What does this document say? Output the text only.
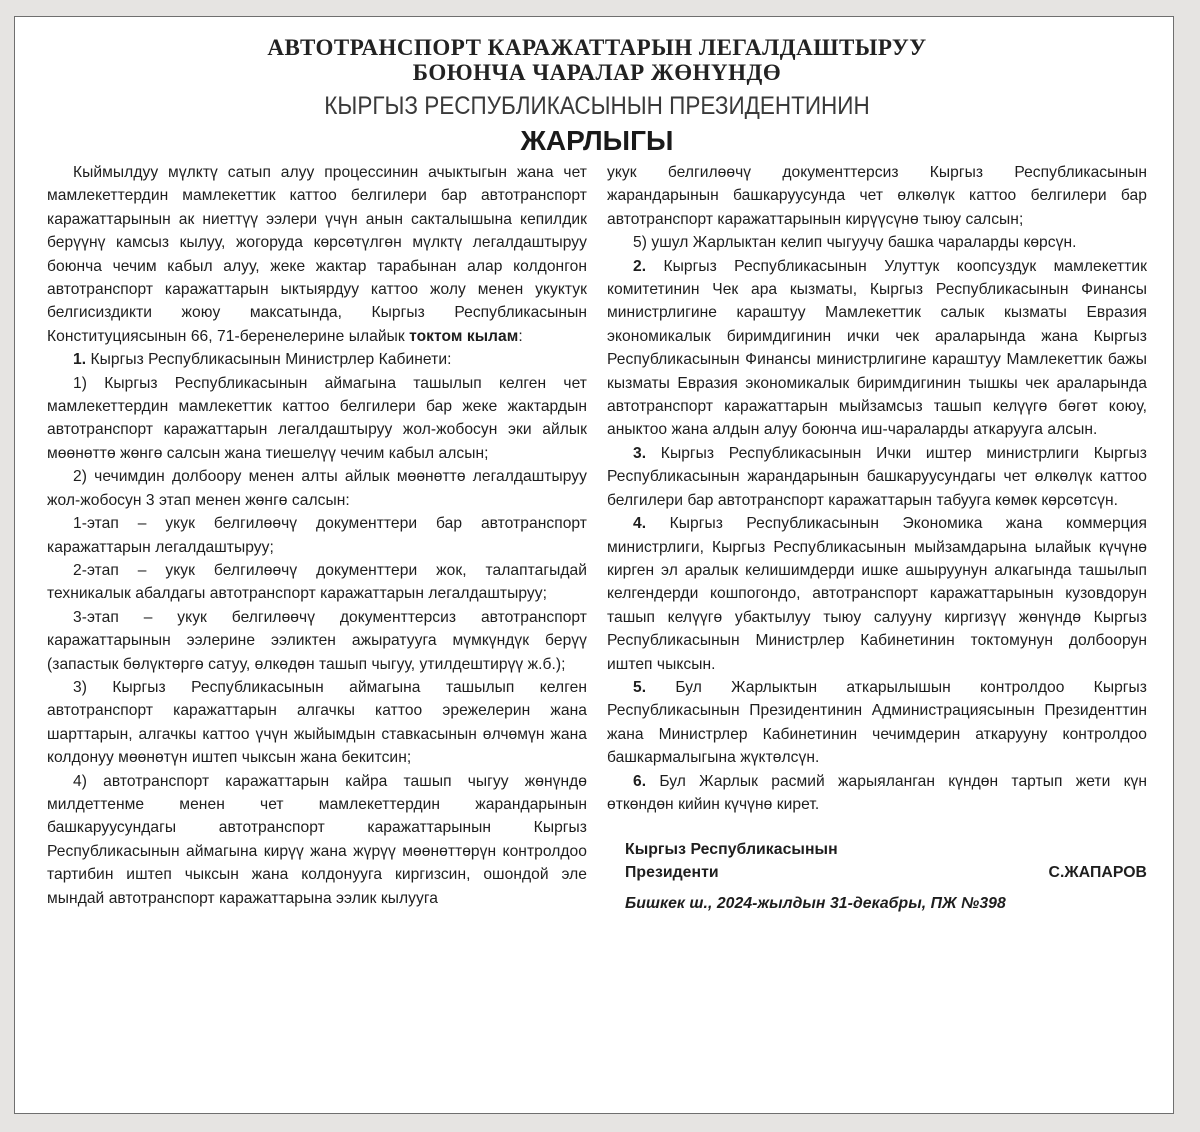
АВТОТРАНСПОРТ КАРАЖАТТАРЫН ЛЕГАЛДАШТЫРУУ
БОЮНЧА ЧАРАЛАР ЖӨНҮНДӨ
КЫРГЫЗ РЕСПУБЛИКАСЫНЫН ПРЕЗИДЕНТИНИН
ЖАРЛЫГЫ

Кыймылдуу мүлктү сатып алуу процессинин ачыктыгын жана чет мамлекеттердин мамлекеттик каттоо белгилери бар автотранспорт каражаттарынын ак ниеттүү ээлери үчүн анын сакталышына кепилдик берүүнү камсыз кылуу, жогоруда көрсөтүлгөн мүлктү легалдаштыруу боюнча чечим кабыл алуу, жеке жактар тарабынан алар колдонгон автотранспорт каражаттарын ыктыярдуу каттоо жолу менен укуктук белгисиздикти жоюу максатында, Кыргыз Республикасынын Конституциясынын 66, 71-беренелерине ылайык токтом кылам:

1. Кыргыз Республикасынын Министрлер Кабинети:

1) Кыргыз Республикасынын аймагына ташылып келген чет мамлекеттердин мамлекеттик каттоо белгилери бар жеке жактардын автотранспорт каражаттарын легалдаштыруу жол-жобосун эки айлык мөөнөттө жөнгө салсын жана тиешелүү чечим кабыл алсын;

2) чечимдин долбоору менен алты айлык мөөнөттө легалдаштыруу жол-жобосун 3 этап менен жөнгө салсын:

1-этап – укук белгилөөчү документтери бар автотранспорт каражаттарын легалдаштыруу;

2-этап – укук белгилөөчү документтери жок, талаптагыдай техникалык абалдагы автотранспорт каражаттарын легалдаштыруу;

3-этап – укук белгилөөчү документтерсиз автотранспорт каражаттарынын ээлерине ээликтен ажыратууга мүмкүндүк берүү (запастык бөлүктөргө сатуу, өлкөдөн ташып чыгуу, утилдештирүү ж.б.);

3) Кыргыз Республикасынын аймагына ташылып келген автотранспорт каражаттарын алгачкы каттоо эрежелерин жана шарттарын, алгачкы каттоо үчүн жыйымдын ставкасынын өлчөмүн жана колдонуу мөөнөтүн иштеп чыксын жана бекитсин;

4) автотранспорт каражаттарын кайра ташып чыгуу жөнүндө милдеттенме менен чет мамлекеттердин жарандарынын башкаруусундагы автотранспорт каражаттарынын Кыргыз Республикасынын аймагына кирүү жана жүрүү мөөнөттөрүн контролдоо тартибин иштеп чыксын жана колдонууга киргизсин, ошондой эле мындай автотранспорт каражаттарына ээлик кылууга

укук белгилөөчү документтерсиз Кыргыз Республикасынын жарандарынын башкаруусунда чет өлкөлүк каттоо белгилери бар автотранспорт каражаттарынын кирүүсүнө тыюу салсын;

5) ушул Жарлыктан келип чыгуучу башка чараларды көрсүн.

2. Кыргыз Республикасынын Улуттук коопсуздук мамлекеттик комитетинин Чек ара кызматы, Кыргыз Республикасынын Финансы министрлигине караштуу Мамлекеттик салык кызматы Евразия экономикалык биримдигинин ички чек араларында жана Кыргыз Республикасынын Финансы министрлигине караштуу Мамлекеттик бажы кызматы Евразия экономикалык биримдигинин тышкы чек араларында автотранспорт каражаттарын мыйзамсыз ташып келүүгө бөгөт коюу, аныктоо жана алдын алуу боюнча иш-чараларды аткарууга алсын.

3. Кыргыз Республикасынын Ички иштер министрлиги Кыргыз Республикасынын жарандарынын башкаруусундагы чет өлкөлүк каттоо белгилери бар автотранспорт каражаттарын табууга көмөк көрсөтсүн.

4. Кыргыз Республикасынын Экономика жана коммерция министрлиги, Кыргыз Республикасынын мыйзамдарына ылайык күчүнө кирген эл аралык келишимдерди ишке ашыруунун алкагында ташылып келгендерди кошпогондо, автотранспорт каражаттарынын кузовдорун ташып келүүгө убактылуу тыюу салууну киргизүү жөнүндө Кыргыз Республикасынын Министрлер Кабинетинин токтомунун долбоорун иштеп чыксын.

5. Бул Жарлыктын аткарылышын контролдоо Кыргыз Республикасынын Президентинин Администрациясынын Президенттин жана Министрлер Кабинетинин чечимдерин аткарууну контролдоо башкармалыгына жүктөлсүн.

6. Бул Жарлык расмий жарыяланган күндөн тартып жети күн өткөндөн кийин күчүнө кирет.

Кыргыз Республикасынын
Президенти	С.ЖАПАРОВ
Бишкек ш., 2024-жылдын 31-декабры, ПЖ №398
